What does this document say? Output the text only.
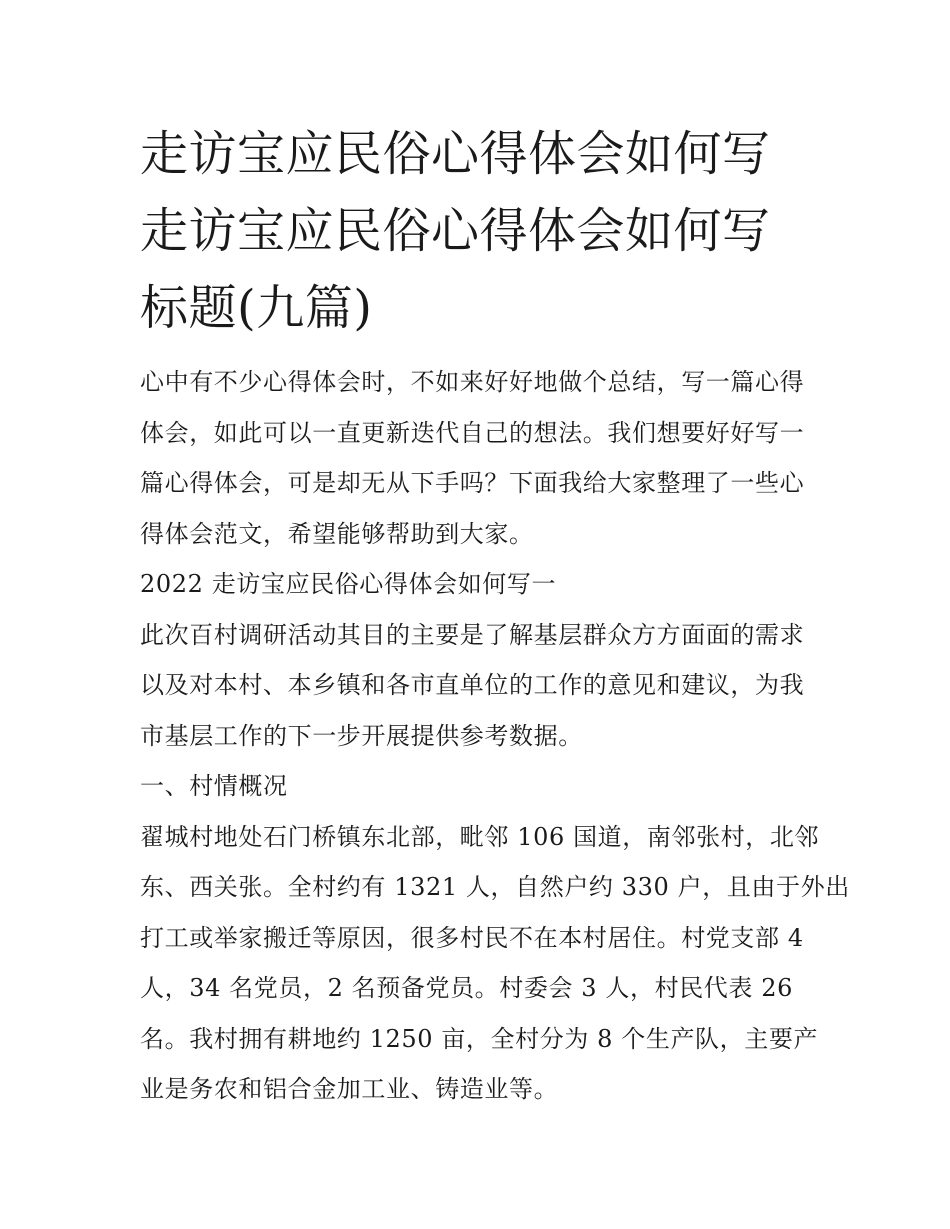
走访宝应民俗心得体会如何写
走访宝应民俗心得体会如何写
标题(九篇)
心中有不少心得体会时，不如来好好地做个总结，写一篇心得
体会，如此可以一直更新迭代自己的想法。我们想要好好写一
篇心得体会，可是却无从下手吗？下面我给大家整理了一些心
得体会范文，希望能够帮助到大家。
2022 走访宝应民俗心得体会如何写一
此次百村调研活动其目的主要是了解基层群众方方面面的需求
以及对本村、本乡镇和各市直单位的工作的意见和建议，为我
市基层工作的下一步开展提供参考数据。
一、村情概况
翟城村地处石门桥镇东北部，毗邻 106 国道，南邻张村，北邻
东、西关张。全村约有 1321 人，自然户约 330 户，且由于外出
打工或举家搬迁等原因，很多村民不在本村居住。村党支部 4
人，34 名党员，2 名预备党员。村委会 3 人，村民代表 26
名。我村拥有耕地约 1250 亩，全村分为 8 个生产队，主要产
业是务农和铝合金加工业、铸造业等。
